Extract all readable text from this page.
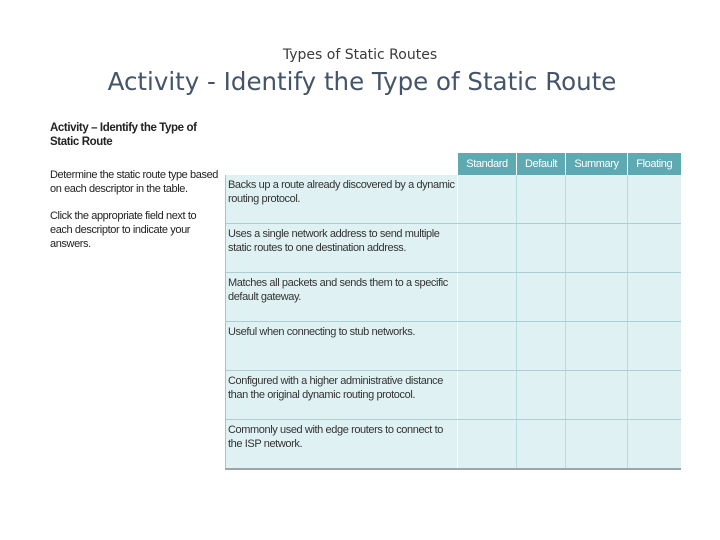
Types of Static Routes
Activity - Identify the Type of Static Route

Activity – Identify the Type of Static Route

Determine the static route type based on each descriptor in the table.

Click the appropriate field next to each descriptor to indicate your answers.

	Standard	Default	Summary	Floating
Backs up a route already discovered by a dynamic routing protocol.				
Uses a single network address to send multiple static routes to one destination address.				
Matches all packets and sends them to a specific default gateway.				
Useful when connecting to stub networks.				
Configured with a higher administrative distance than the original dynamic routing protocol.				
Commonly used with edge routers to connect to the ISP network.				
